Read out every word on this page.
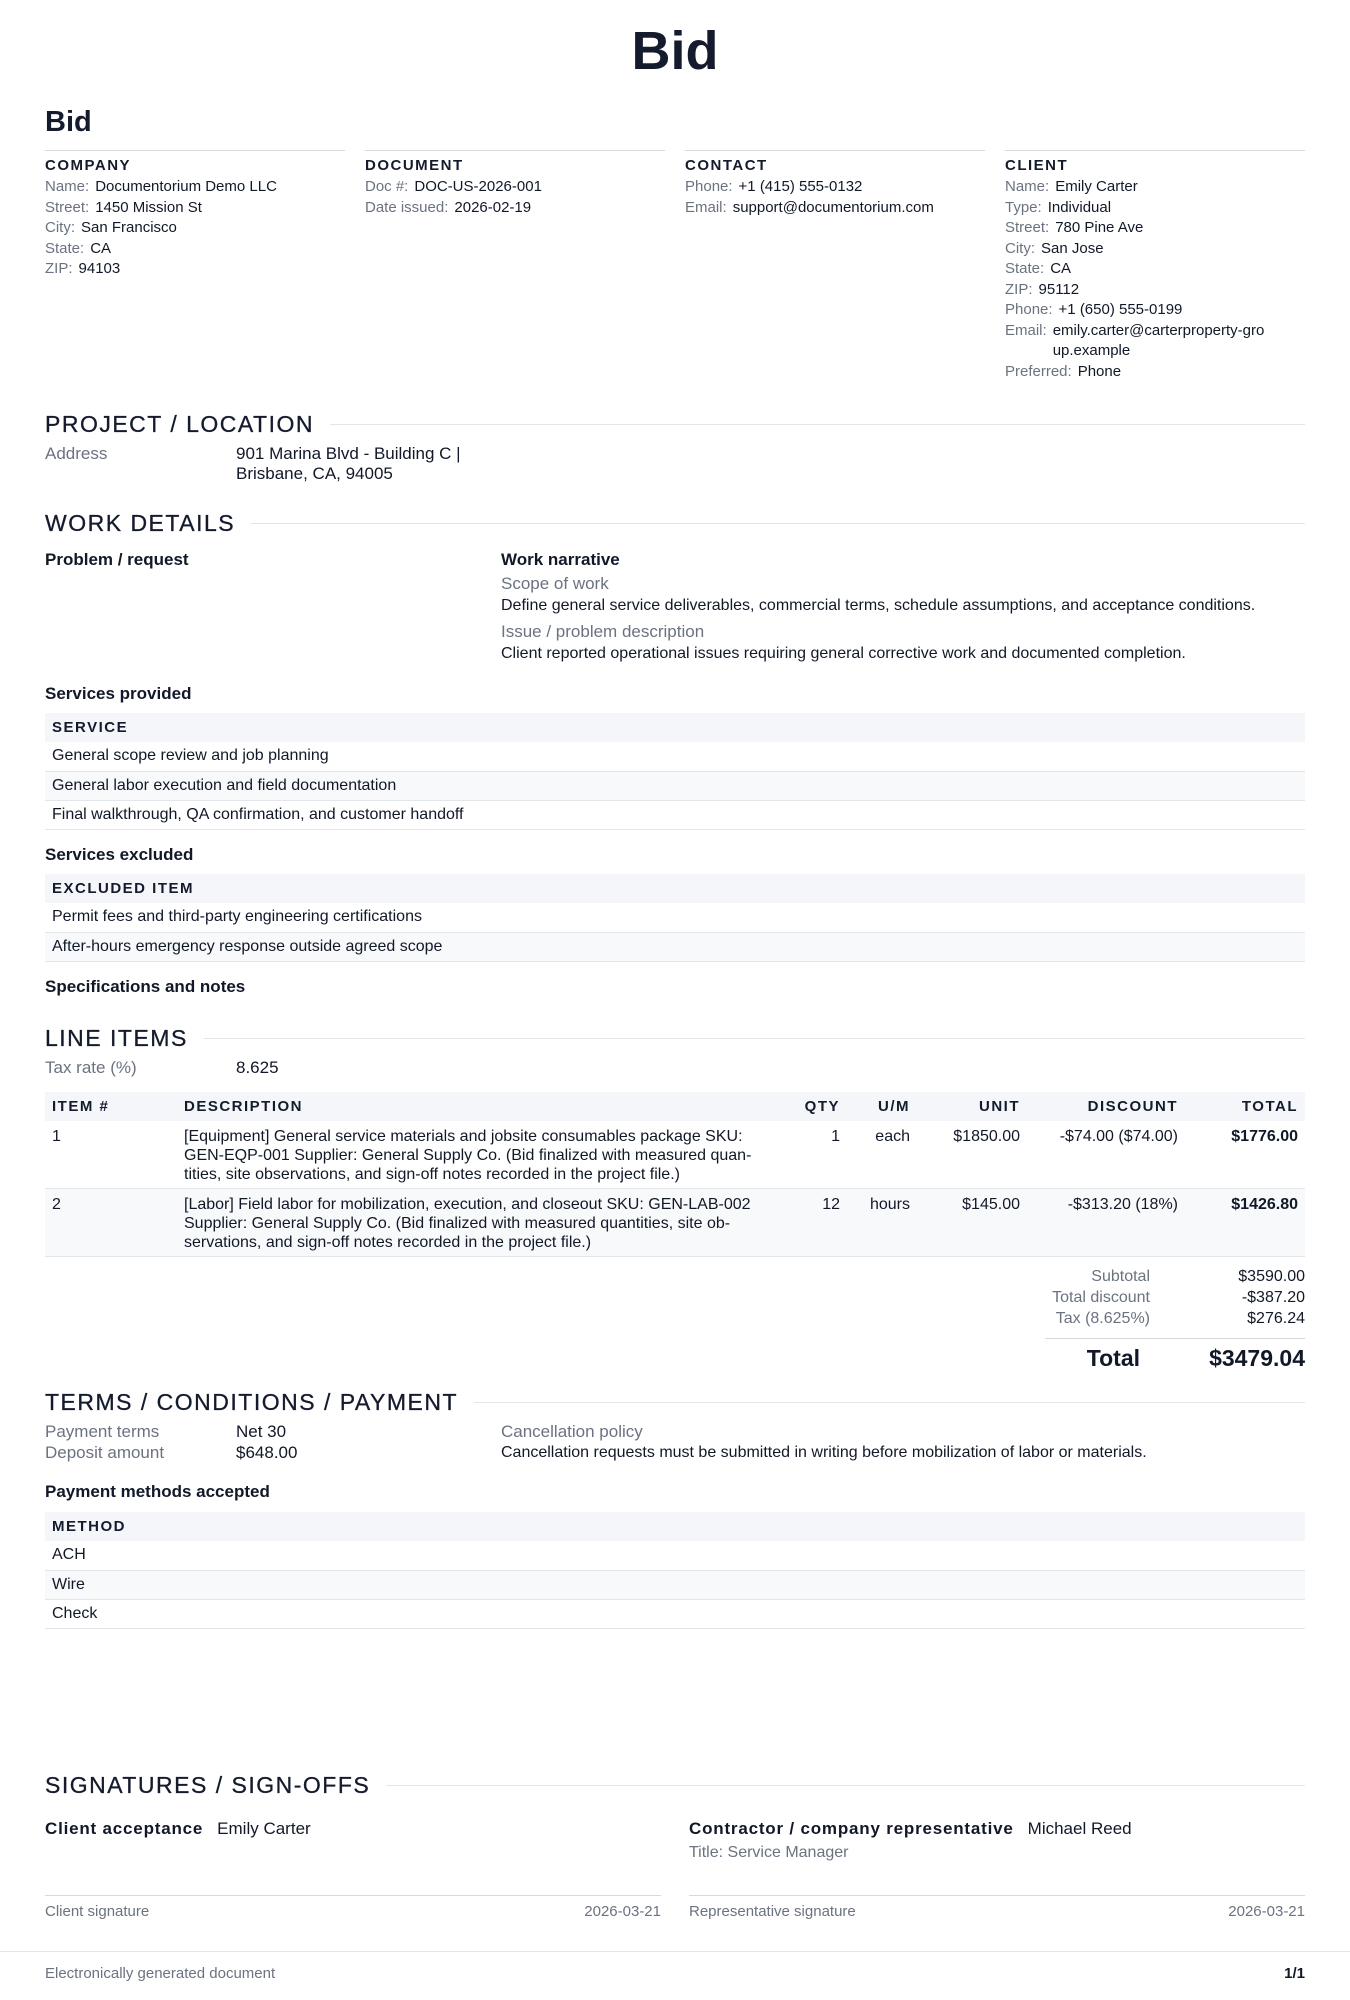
Bid
Bid
COMPANY
Name: Documentorium Demo LLC
Street: 1450 Mission St
City: San Francisco
State: CA
ZIP: 94103
DOCUMENT
Doc #: DOC-US-2026-001
Date issued: 2026-02-19
CONTACT
Phone: +1 (415) 555-0132
Email: support@documentorium.com
CLIENT
Name: Emily Carter
Type: Individual
Street: 780 Pine Ave
City: San Jose
State: CA
ZIP: 95112
Phone: +1 (650) 555-0199
Email: emily.carter@carterproperty-group.example
Preferred: Phone
PROJECT / LOCATION
Address	901 Marina Blvd - Building C |
Brisbane, CA, 94005
WORK DETAILS
Problem / request	Work narrative
Scope of work
Define general service deliverables, commercial terms, schedule assumptions, and acceptance conditions.
Issue / problem description
Client reported operational issues requiring general corrective work and documented completion.
Services provided
SERVICE
General scope review and job planning
General labor execution and field documentation
Final walkthrough, QA confirmation, and customer handoff
Services excluded
EXCLUDED ITEM
Permit fees and third-party engineering certifications
After-hours emergency response outside agreed scope
Specifications and notes
LINE ITEMS
Tax rate (%)	8.625
ITEM #	DESCRIPTION	QTY	U/M	UNIT	DISCOUNT	TOTAL
1	[Equipment] General service materials and jobsite consumables package SKU:
GEN-EQP-001 Supplier: General Supply Co. (Bid finalized with measured quan-
tities, site observations, and sign-off notes recorded in the project file.)	1	each	$1850.00	-$74.00 ($74.00)	$1776.00
2	[Labor] Field labor for mobilization, execution, and closeout SKU: GEN-LAB-002
Supplier: General Supply Co. (Bid finalized with measured quantities, site ob-
servations, and sign-off notes recorded in the project file.)	12	hours	$145.00	-$313.20 (18%)	$1426.80
Subtotal	$3590.00
Total discount	-$387.20
Tax (8.625%)	$276.24
Total	$3479.04
TERMS / CONDITIONS / PAYMENT
Payment terms	Net 30
Deposit amount	$648.00
Cancellation policy
Cancellation requests must be submitted in writing before mobilization of labor or materials.
Payment methods accepted
METHOD
ACH
Wire
Check
SIGNATURES / SIGN-OFFS
Client acceptance Emily Carter	Contractor / company representative Michael Reed
Title: Service Manager
Client signature	2026-03-21 Representative signature	2026-03-21
Electronically generated document	1/1
